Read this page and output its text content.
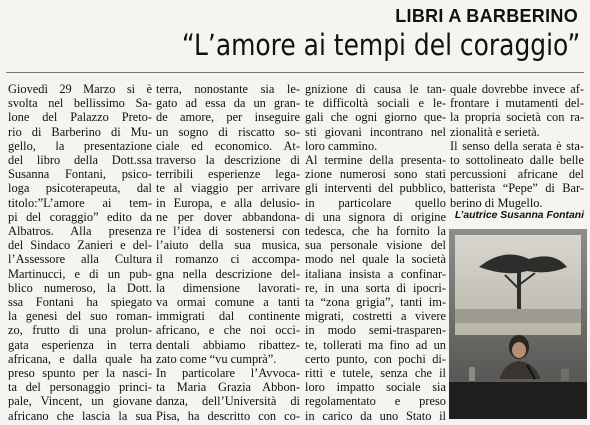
LIBRI A BARBERINO
“L’amore ai tempi del coraggio”
Giovedì 29 Marzo si è
svolta nel bellissimo Sa-
lone del Palazzo Preto-
rio di Barberino di Mu-
gello, la presentazione
del libro della Dott.ssa
Susanna Fontani, psico-
loga psicoterapeuta, dal
titolo:”L’amore ai tem-
pi del coraggio” edito da
Albatros. Alla presenza
del Sindaco Zanieri e del-
l’Assessore alla Cultura
Martinucci, e di un pub-
blico numeroso, la Dott.
ssa Fontani ha spiegato
la genesi del suo roman-
zo, frutto di una prolun-
gata esperienza in terra
africana, e dalla quale ha
preso spunto per la nasci-
ta del personaggio princi-
pale, Vincent, un giovane
africano che lascia la sua
terra, nonostante sia le-
gato ad essa da un gran-
de amore, per inseguire
un sogno di riscatto so-
ciale ed economico. At-
traverso la descrizione di
terribili esperienze lega-
te al viaggio per arrivare
in Europa, e alla delusio-
ne per dover abbandona-
re l’idea di sostenersi con
l’aiuto della sua musica,
il romanzo ci accompa-
gna nella descrizione del-
la dimensione lavorati-
va ormai comune a tanti
immigrati dal continente
africano, e che noi occi-
dentali abbiamo ribattez-
zato come “vu cumprà”.
In particolare l’Avvoca-
ta Maria Grazia Abbon-
danza, dell’Università di
Pisa, ha descritto con co-
gnizione di causa le tan-
te difficoltà sociali e le-
gali che ogni giorno que-
sti giovani incontrano nel
loro cammino.
Al termine della presenta-
zione numerosi sono stati
gli interventi del pubblico,
in particolare quello
di una signora di origine
tedesca, che ha fornito la
sua personale visione del
modo nel quale la società
italiana insista a confinar-
re, in una sorta di ipocri-
ta “zona grigia”, tanti im-
migrati, costretti a vivere
in modo semi-trasparen-
te, tollerati ma fino ad un
certo punto, con pochi di-
ritti e tutele, senza che il
loro impatto sociale sia
regolamentato e preso
in carico da uno Stato il
quale dovrebbe invece af-
frontare i mutamenti del-
la propria società con ra-
zionalità e serietà.
Il senso della serata è sta-
to sottolineato dalle belle
percussioni africane del
batterista “Pepe” di Bar-
berino di Mugello.
L’autrice Susanna Fontani
